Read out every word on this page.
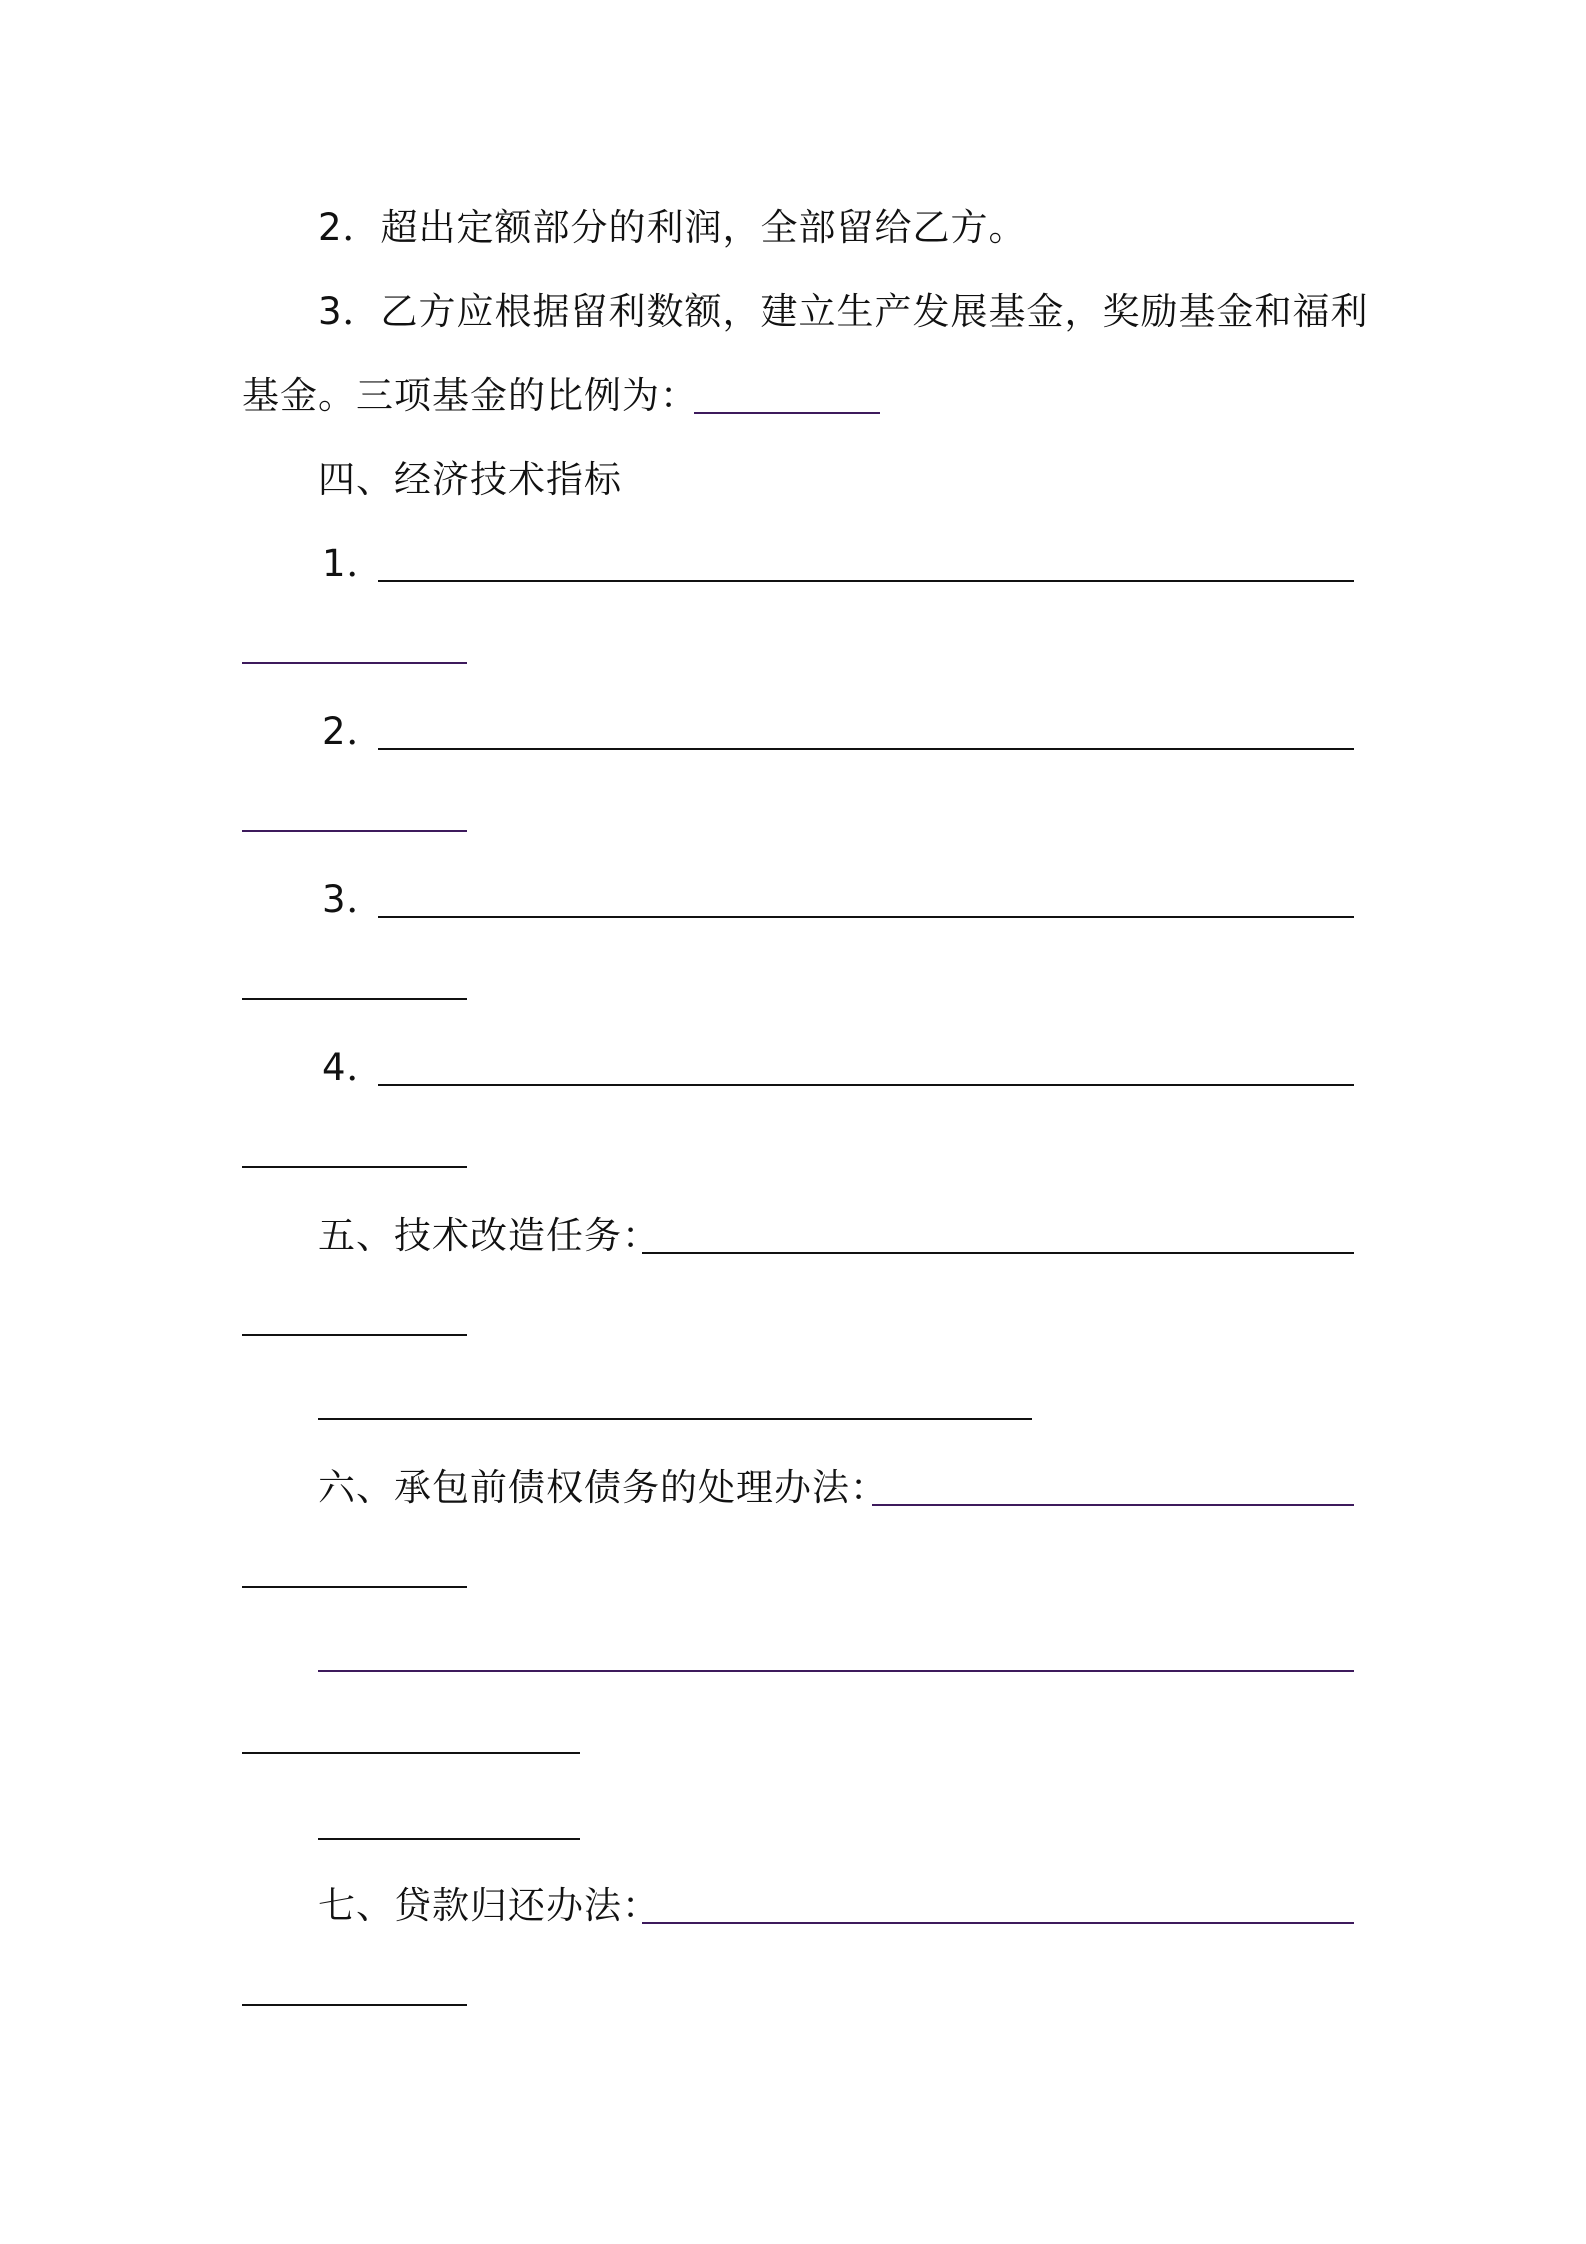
2．超出定额部分的利润，全部留给乙方。
3．乙方应根据留利数额，建立生产发展基金，奖励基金和福利
基金。三项基金的比例为：
四、经济技术指标
1．
2．
3．
4．
五、技术改造任务：
六、承包前债权债务的处理办法：
七、贷款归还办法：
